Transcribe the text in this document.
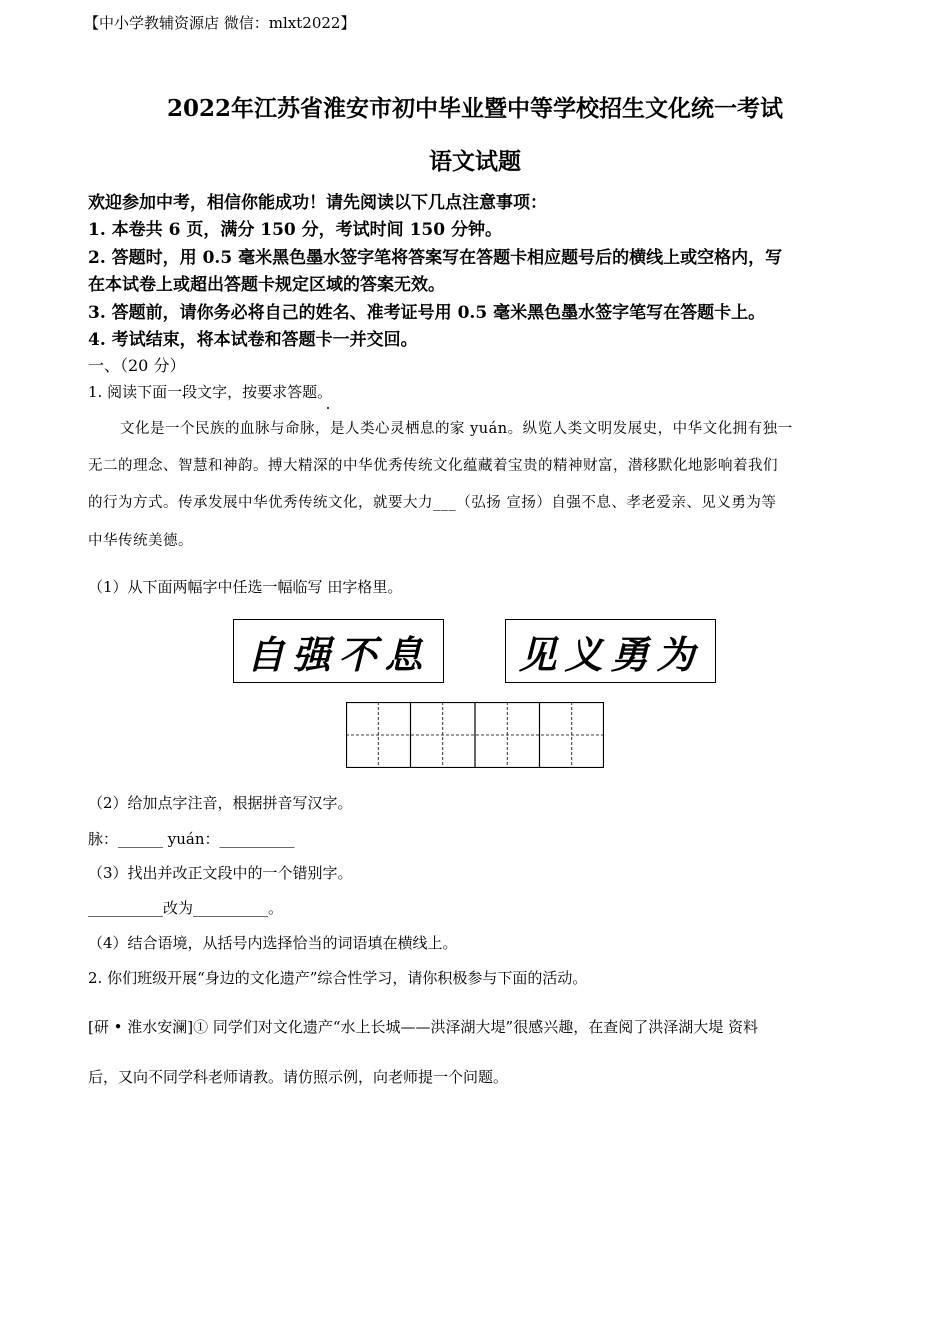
【中小学教辅资源店 微信：mlxt2022】
2022年江苏省淮安市初中毕业暨中等学校招生文化统一考试
语文试题
欢迎参加中考，相信你能成功！请先阅读以下几点注意事项：
1. 本卷共 6 页，满分 150 分，考试时间 150 分钟。
2. 答题时，用 0.5 毫米黑色墨水签字笔将答案写在答题卡相应题号后的横线上或空格内，写
在本试卷上或超出答题卡规定区域的答案无效。
3. 答题前，请你务必将自己的姓名、准考证号用 0.5 毫米黑色墨水签字笔写在答题卡上。
4. 考试结束，将本试卷和答题卡一并交回。
一、（20 分）
1. 阅读下面一段文字，按要求答题。
文化是一个民族的血脉与命脉，是人类心灵栖息的家 yuán。纵览人类文明发展史，中华文化拥有独一
无二的理念、智慧和神韵。搏大精深的中华优秀传统文化蕴藏着宝贵的精神财富，潜移默化地影响着我们
的行为方式。传承发展中华优秀传统文化，就要大力___（弘扬 宣扬）自强不息、孝老爱亲、见义勇为等
中华传统美德。
（1）从下面两幅字中任选一幅临写 田字格里。
自强不息	见义勇为
（2）给加点字注音，根据拼音写汉字。
脉：______ yuán：__________
（3）找出并改正文段中的一个错别字。
__________改为__________。
（4）结合语境，从括号内选择恰当的词语填在横线上。
2. 你们班级开展“身边的文化遗产”综合性学习，请你积极参与下面的活动。
[研 • 淮水安澜]① 同学们对文化遗产“水上长城——洪泽湖大堤”很感兴趣，在查阅了洪泽湖大堤 资料
后，又向不同学科老师请教。请仿照示例，向老师提一个问题。
